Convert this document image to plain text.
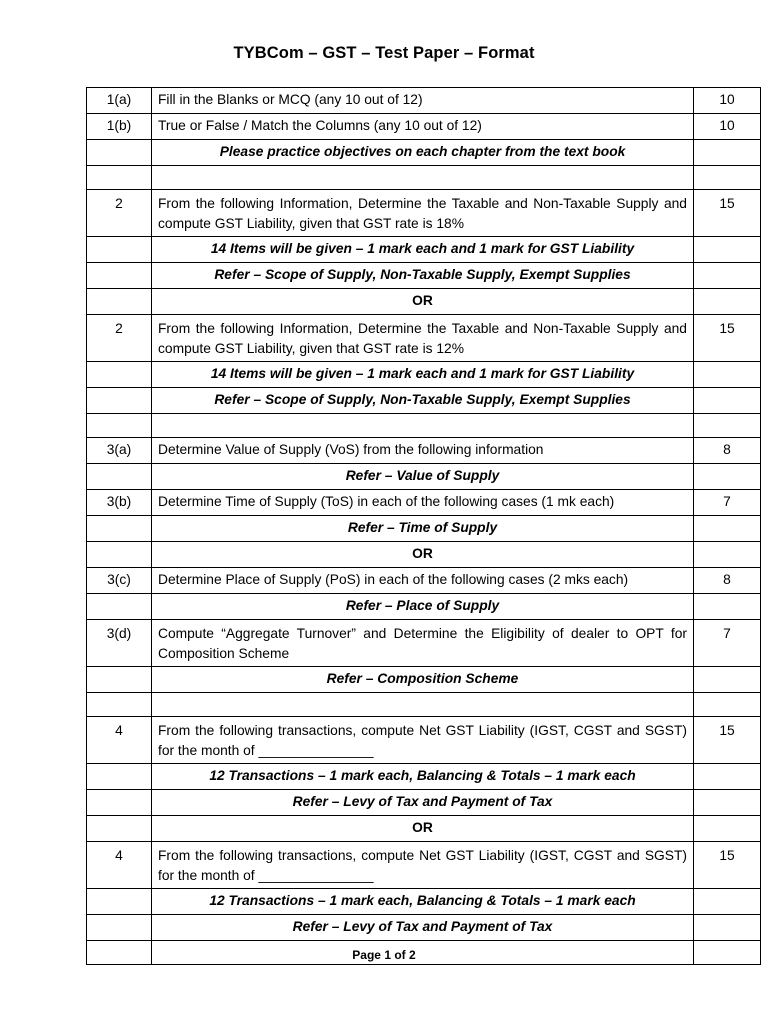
TYBCom – GST – Test Paper – Format
1(a)	Fill in the Blanks or MCQ (any 10 out of 12)	10
1(b)	True or False / Match the Columns (any 10 out of 12)	10
	Please practice objectives on each chapter from the text book	

2	From the following Information, Determine the Taxable and Non-Taxable Supply and compute GST Liability, given that GST rate is 18%	15
	14 Items will be given – 1 mark each and 1 mark for GST Liability	
	Refer – Scope of Supply, Non-Taxable Supply, Exempt Supplies	
	OR	
2	From the following Information, Determine the Taxable and Non-Taxable Supply and compute GST Liability, given that GST rate is 12%	15
	14 Items will be given – 1 mark each and 1 mark for GST Liability	
	Refer – Scope of Supply, Non-Taxable Supply, Exempt Supplies	

3(a)	Determine Value of Supply (VoS) from the following information	8
	Refer – Value of Supply	
3(b)	Determine Time of Supply (ToS) in each of the following cases (1 mk each)	7
	Refer – Time of Supply	
	OR	
3(c)	Determine Place of Supply (PoS) in each of the following cases (2 mks each)	8
	Refer – Place of Supply	
3(d)	Compute “Aggregate Turnover” and Determine the Eligibility of dealer to OPT for Composition Scheme	7
	Refer – Composition Scheme	

4	From the following transactions, compute Net GST Liability (IGST, CGST and SGST) for the month of _______________	15
	12 Transactions – 1 mark each, Balancing & Totals – 1 mark each	
	Refer – Levy of Tax and Payment of Tax	
	OR	
4	From the following transactions, compute Net GST Liability (IGST, CGST and SGST) for the month of _______________	15
	12 Transactions – 1 mark each, Balancing & Totals – 1 mark each	
	Refer – Levy of Tax and Payment of Tax	

Page 1 of 2
